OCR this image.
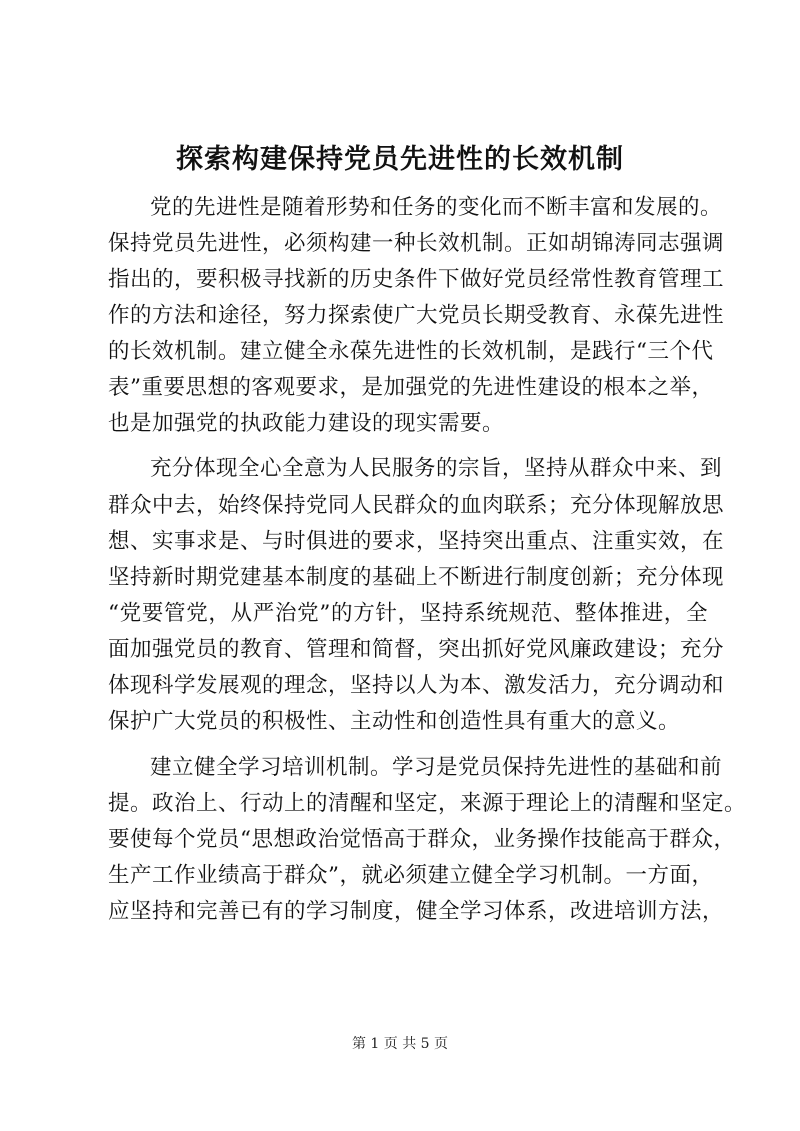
探索构建保持党员先进性的长效机制
党的先进性是随着形势和任务的变化而不断丰富和发展的。
保持党员先进性，必须构建一种长效机制。正如胡锦涛同志强调
指出的，要积极寻找新的历史条件下做好党员经常性教育管理工
作的方法和途径，努力探索使广大党员长期受教育、永葆先进性
的长效机制。建立健全永葆先进性的长效机制，是践行“三个代
表”重要思想的客观要求，是加强党的先进性建设的根本之举，
也是加强党的执政能力建设的现实需要。
充分体现全心全意为人民服务的宗旨，坚持从群众中来、到
群众中去，始终保持党同人民群众的血肉联系；充分体现解放思
想、实事求是、与时俱进的要求，坚持突出重点、注重实效，在
坚持新时期党建基本制度的基础上不断进行制度创新；充分体现
“党要管党，从严治党”的方针，坚持系统规范、整体推进，全
面加强党员的教育、管理和简督，突出抓好党风廉政建设；充分
体现科学发展观的理念，坚持以人为本、激发活力，充分调动和
保护广大党员的积极性、主动性和创造性具有重大的意义。
建立健全学习培训机制。学习是党员保持先进性的基础和前
提。政治上、行动上的清醒和坚定，来源于理论上的清醒和坚定。
要使每个党员“思想政治觉悟高于群众，业务操作技能高于群众，
生产工作业绩高于群众”，就必须建立健全学习机制。一方面，
应坚持和完善已有的学习制度，健全学习体系，改进培训方法，
第 1 页 共 5 页
